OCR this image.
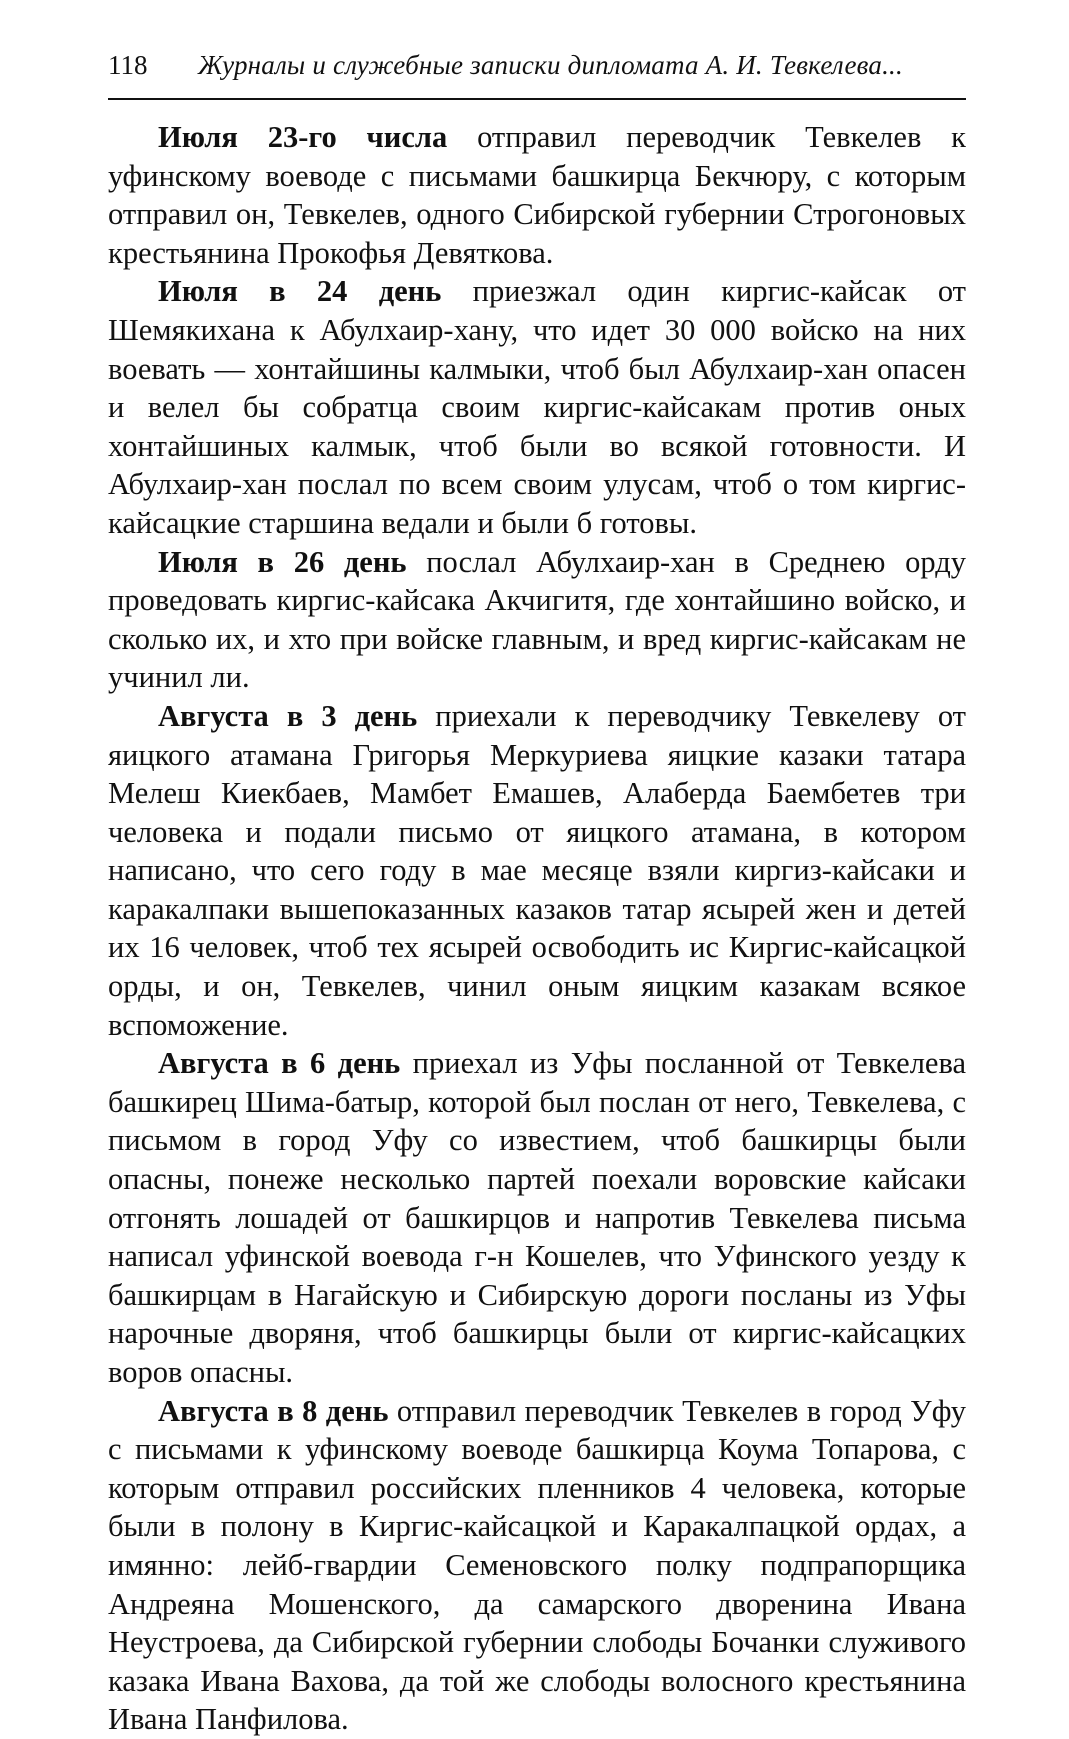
118	Журналы и служебные записки дипломата А. И. Тевкелева...

Июля 23-го числа отправил переводчик Тевкелев к уфинскому воеводе с письмами башкирца Бекчюру, с которым отправил он, Тевкелев, одного Сибирской губернии Строгоновых крестьянина Прокофья Девяткова.

Июля в 24 день приезжал один киргис-кайсак от Шемякихана к Абулхаир-хану, что идет 30 000 войско на них воевать — хонтайшины калмыки, чтоб был Абулхаир-хан опасен и велел бы собратца своим киргис-кайсакам против оных хонтайшиных калмык, чтоб были во всякой готовности. И Абулхаир-хан послал по всем своим улусам, чтоб о том киргис-кайсацкие старшина ведали и были б готовы.

Июля в 26 день послал Абулхаир-хан в Среднею орду проведовать киргис-кайсака Акчигитя, где хонтайшино войско, и сколько их, и хто при войске главным, и вред киргис-кайсакам не учинил ли.

Августа в 3 день приехали к переводчику Тевкелеву от яицкого атамана Григорья Меркуриева яицкие казаки татара Мелеш Киекбаев, Мамбет Емашев, Алаберда Баембетев три человека и подали письмо от яицкого атамана, в котором написано, что сего году в мае месяце взяли киргиз-кайсаки и каракалпаки вышепоказанных казаков татар ясырей жен и детей их 16 человек, чтоб тех ясырей освободить ис Киргис-кайсацкой орды, и он, Тевкелев, чинил оным яицким казакам всякое вспоможение.

Августа в 6 день приехал из Уфы посланной от Тевкелева башкирец Шима-батыр, которой был послан от него, Тевкелева, с письмом в город Уфу со известием, чтоб башкирцы были опасны, понеже несколько партей поехали воровские кайсаки отгонять лошадей от башкирцов и напротив Тевкелева письма написал уфинской воевода г-н Кошелев, что Уфинского уезду к башкирцам в Нагайскую и Сибирскую дороги посланы из Уфы нарочные дворяня, чтоб башкирцы были от киргис-кайсацких воров опасны.

Августа в 8 день отправил переводчик Тевкелев в город Уфу с письмами к уфинскому воеводе башкирца Коума Топарова, с которым отправил российских пленников 4 человека, которые были в полону в Киргис-кайсацкой и Каракалпацкой ордах, а имянно: лейб-гвардии Семеновского полку подпрапорщика Андреяна Мошенского, да самарского дворенина Ивана Неустроева, да Сибирской губернии слободы Бочанки служивого казака Ивана Вахова, да той же слободы волосного крестьянина Ивана Панфилова.
